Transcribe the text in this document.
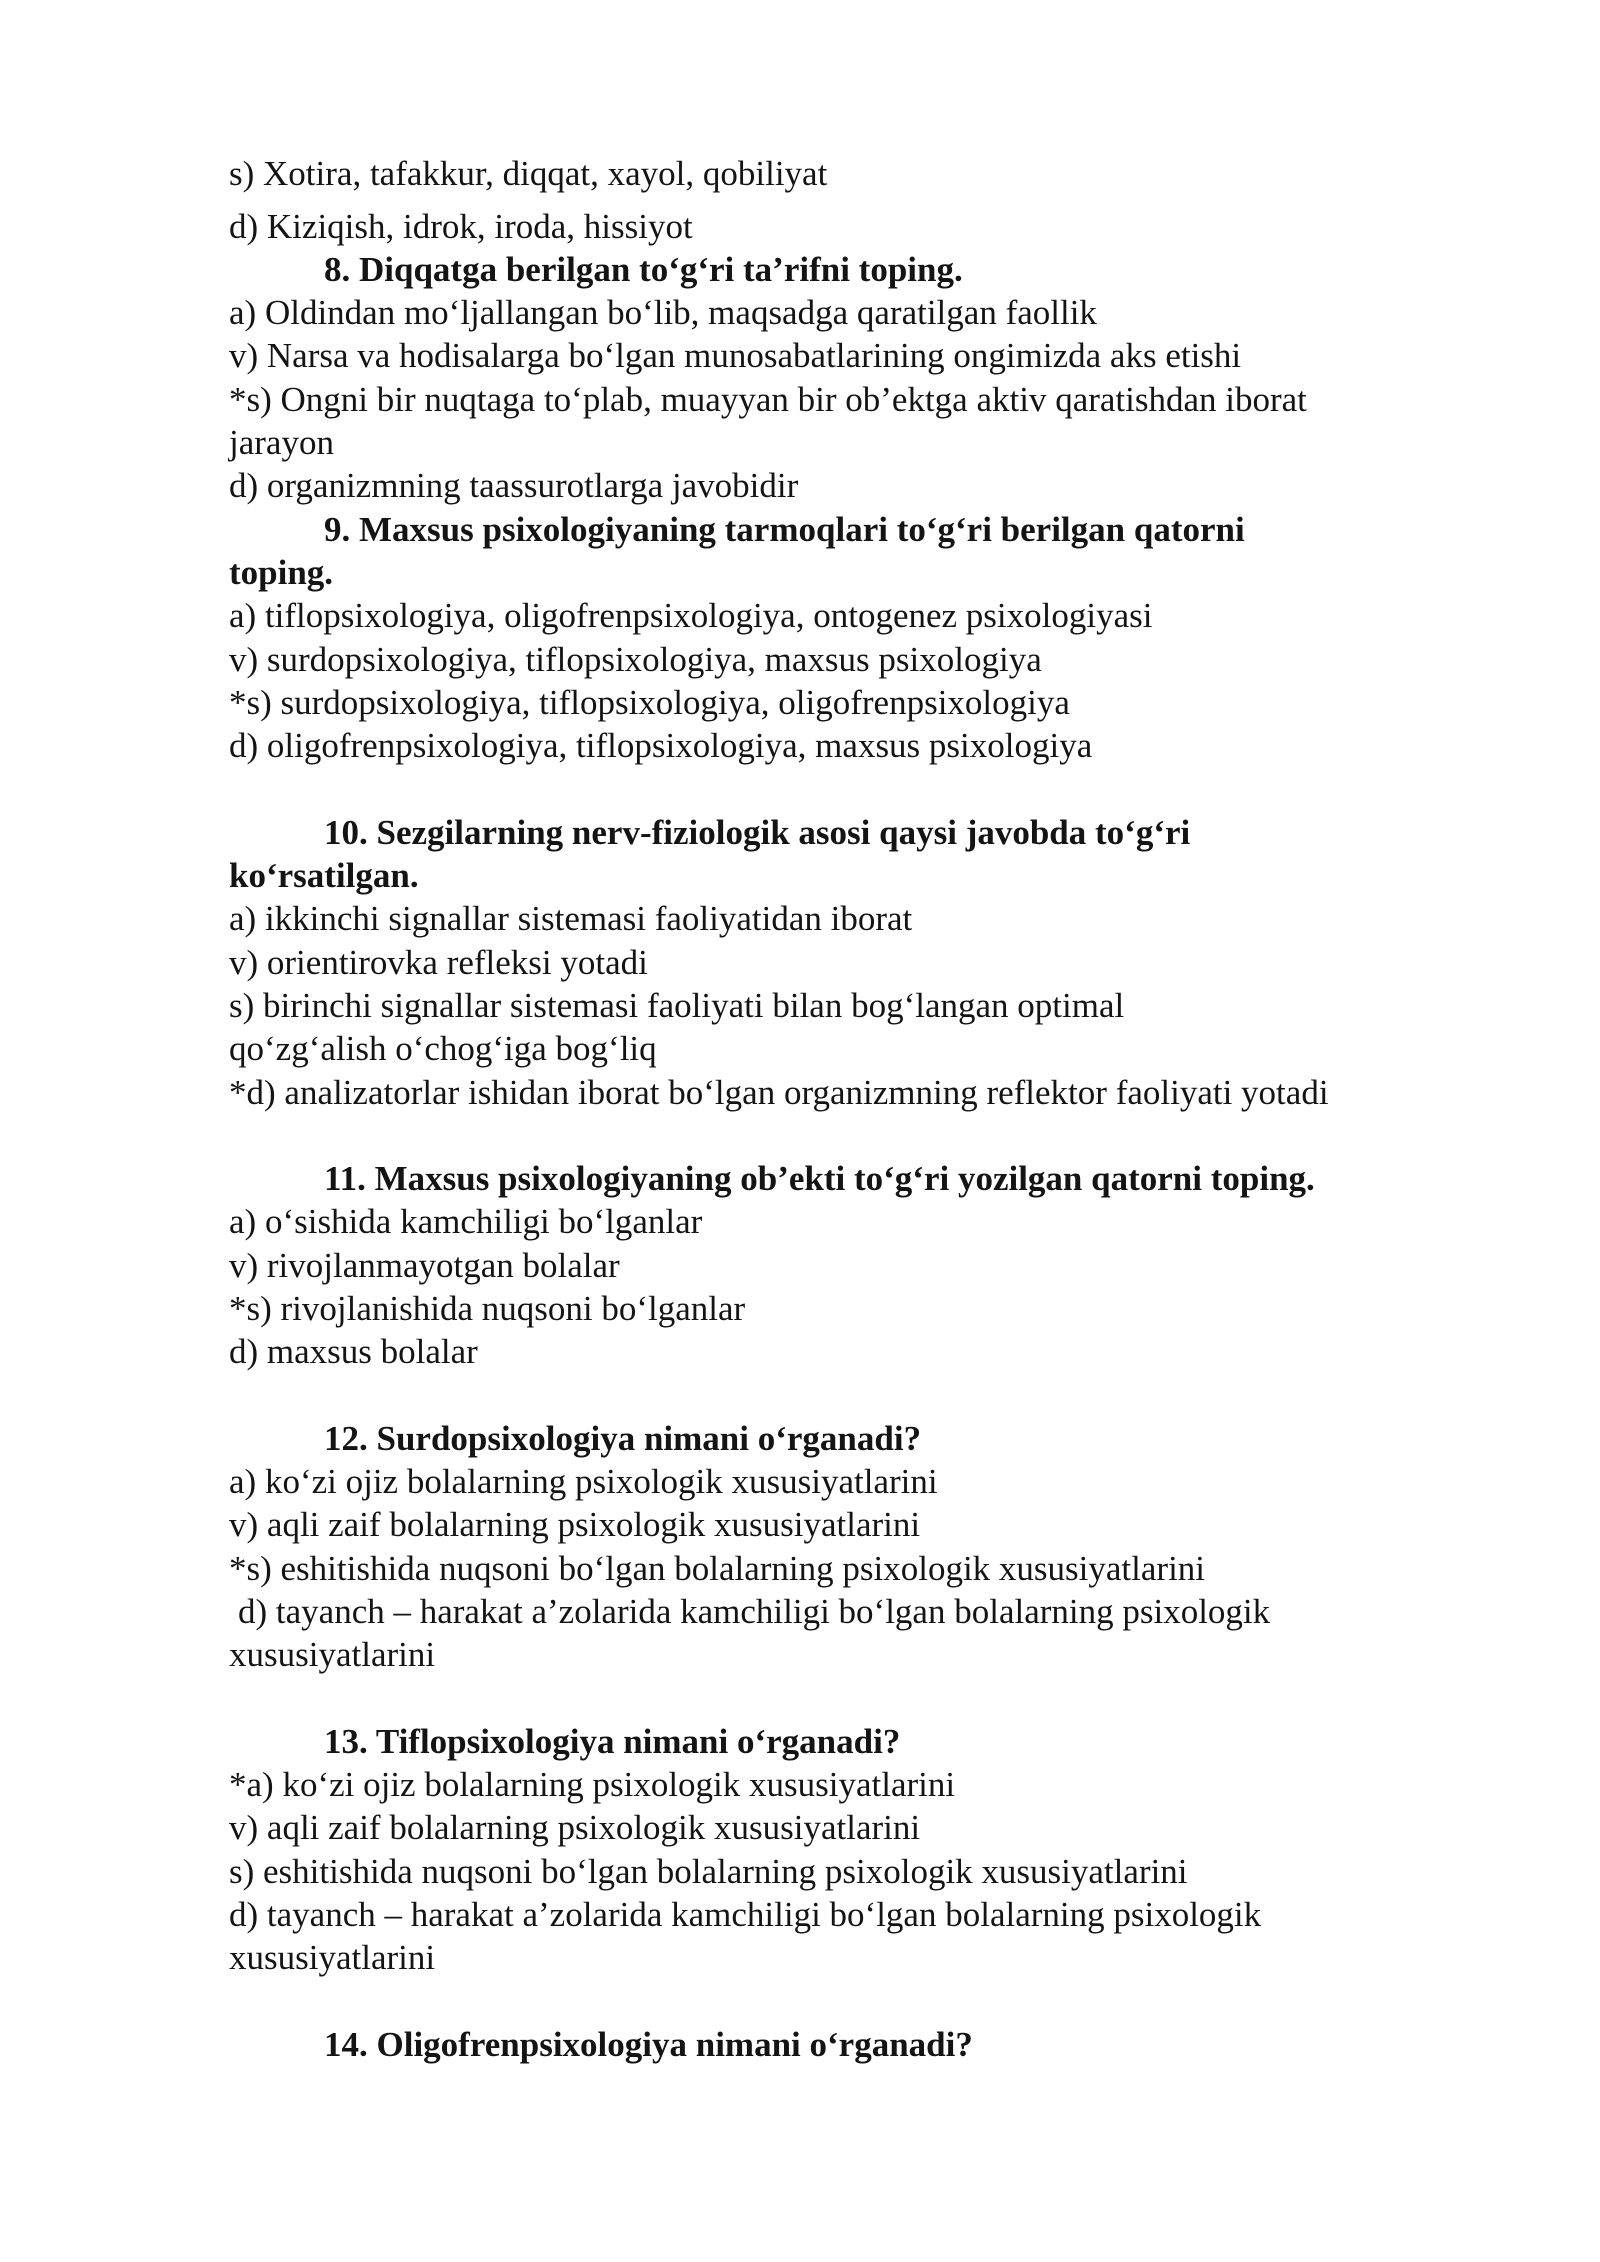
s) Xotira, tafakkur, diqqat, xayol, qobiliyat
d) Kiziqish, idrok, iroda, hissiyot
8. Diqqatga berilgan to‘g‘ri ta’rifni toping.
a) Oldindan mo‘ljallangan bo‘lib, maqsadga qaratilgan faollik
v) Narsa va hodisalarga bo‘lgan munosabatlarining ongimizda aks etishi
*s) Ongni bir nuqtaga to‘plab, muayyan bir ob’ektga aktiv qaratishdan iborat
jarayon
d) organizmning taassurotlarga javobidir
9. Maxsus psixologiyaning tarmoqlari to‘g‘ri berilgan qatorni
toping.
a) tiflopsixologiya, oligofrenpsixologiya, ontogenez psixologiyasi
v) surdopsixologiya, tiflopsixologiya, maxsus psixologiya
*s) surdopsixologiya, tiflopsixologiya, oligofrenpsixologiya
d) oligofrenpsixologiya, tiflopsixologiya, maxsus psixologiya
10. Sezgilarning nerv-fiziologik asosi qaysi javobda to‘g‘ri
ko‘rsatilgan.
a) ikkinchi signallar sistemasi faoliyatidan iborat
v) orientirovka refleksi yotadi
s) birinchi signallar sistemasi faoliyati bilan bog‘langan optimal
qo‘zg‘alish o‘chog‘iga bog‘liq
*d) analizatorlar ishidan iborat bo‘lgan organizmning reflektor faoliyati yotadi
11. Maxsus psixologiyaning ob’ekti to‘g‘ri yozilgan qatorni toping.
a) o‘sishida kamchiligi bo‘lganlar
v) rivojlanmayotgan bolalar
*s) rivojlanishida nuqsoni bo‘lganlar
d) maxsus bolalar
12. Surdopsixologiya nimani o‘rganadi?
a) ko‘zi ojiz bolalarning psixologik xususiyatlarini
v) aqli zaif bolalarning psixologik xususiyatlarini
*s) eshitishida nuqsoni bo‘lgan bolalarning psixologik xususiyatlarini
d) tayanch – harakat a’zolarida kamchiligi bo‘lgan bolalarning psixologik
xususiyatlarini
13. Tiflopsixologiya nimani o‘rganadi?
*a) ko‘zi ojiz bolalarning psixologik xususiyatlarini
v) aqli zaif bolalarning psixologik xususiyatlarini
s) eshitishida nuqsoni bo‘lgan bolalarning psixologik xususiyatlarini
d) tayanch – harakat a’zolarida kamchiligi bo‘lgan bolalarning psixologik
xususiyatlarini
14. Oligofrenpsixologiya nimani o‘rganadi?
